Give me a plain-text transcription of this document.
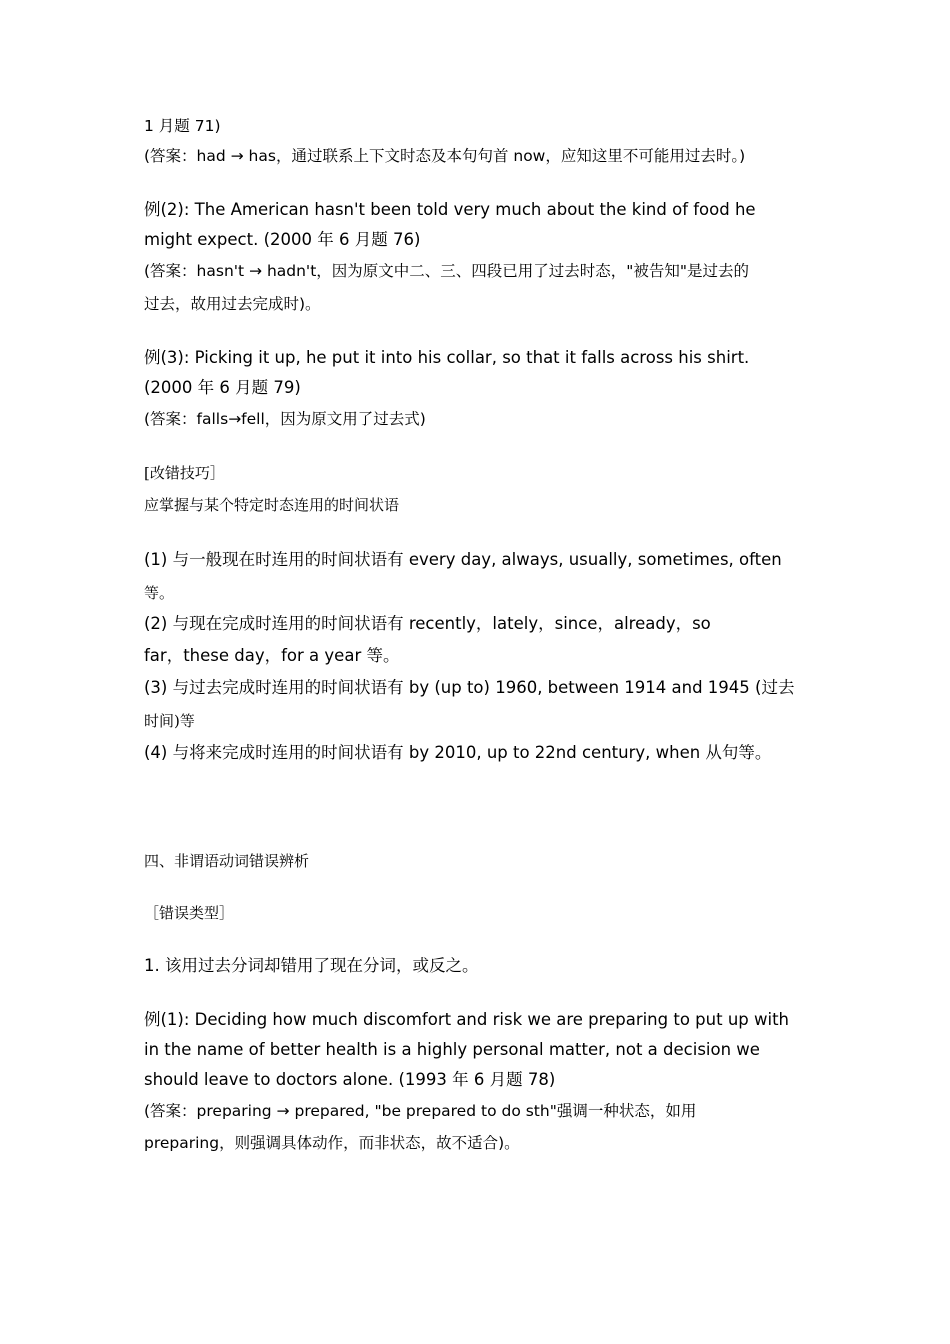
1 月题 71)
(答案：had → has，通过联系上下文时态及本句句首 now，应知这里不可能用过去时。)
例(2): The American hasn't been told very much about the kind of food he
might expect. (2000 年 6 月题 76)
(答案：hasn't → hadn't，因为原文中二、三、四段已用了过去时态，"被告知"是过去的
过去，故用过去完成时)。
例(3): Picking it up, he put it into his collar, so that it falls across his shirt.
(2000 年 6 月题 79)
(答案：falls→fell，因为原文用了过去式)
[改错技巧］
应掌握与某个特定时态连用的时间状语
(1) 与一般现在时连用的时间状语有 every day, always, usually, sometimes, often
等。
(2) 与现在完成时连用的时间状语有 recently，lately，since，already，so
far，these day，for a year 等。
(3) 与过去完成时连用的时间状语有 by (up to) 1960, between 1914 and 1945 (过去
时间)等
(4) 与将来完成时连用的时间状语有 by 2010, up to 22nd century, when 从句等。
四、非谓语动词错误辨析
［错误类型］
1. 该用过去分词却错用了现在分词，或反之。
例(1): Deciding how much discomfort and risk we are preparing to put up with
in the name of better health is a highly personal matter, not a decision we
should leave to doctors alone. (1993 年 6 月题 78)
(答案：preparing → prepared, "be prepared to do sth"强调一种状态，如用
preparing，则强调具体动作，而非状态，故不适合)。
